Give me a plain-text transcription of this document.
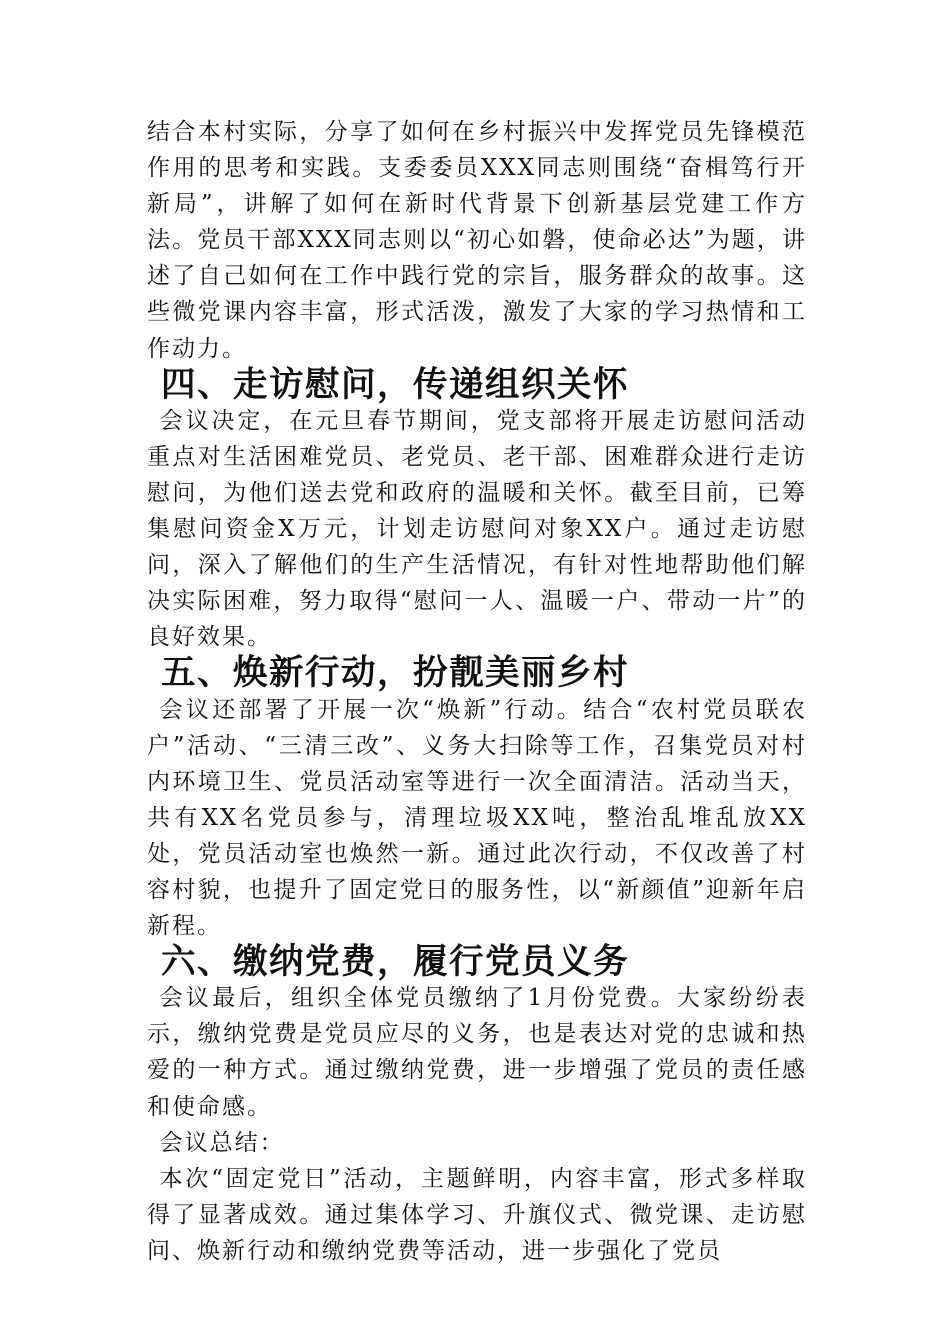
结合本村实际，分享了如何在乡村振兴中发挥党员先锋模范作用的思考和实践。支委委员XXX同志则围绕“奋楫笃行开新局”，讲解了如何在新时代背景下创新基层党建工作方法。党员干部XXX同志则以“初心如磐，使命必达”为题，讲述了自己如何在工作中践行党的宗旨，服务群众的故事。这些微党课内容丰富，形式活泼，激发了大家的学习热情和工作动力。

四、走访慰问，传递组织关怀

会议决定，在元旦春节期间，党支部将开展走访慰问活动重点对生活困难党员、老党员、老干部、困难群众进行走访慰问，为他们送去党和政府的温暖和关怀。截至目前，已筹集慰问资金X万元，计划走访慰问对象XX户。通过走访慰问，深入了解他们的生产生活情况，有针对性地帮助他们解决实际困难，努力取得“慰问一人、温暖一户、带动一片”的良好效果。

五、焕新行动，扮靓美丽乡村

会议还部署了开展一次“焕新”行动。结合“农村党员联农户”活动、“三清三改”、义务大扫除等工作，召集党员对村内环境卫生、党员活动室等进行一次全面清洁。活动当天，共有XX名党员参与，清理垃圾XX吨，整治乱堆乱放XX处，党员活动室也焕然一新。通过此次行动，不仅改善了村容村貌，也提升了固定党日的服务性，以“新颜值”迎新年启新程。

六、缴纳党费，履行党员义务

会议最后，组织全体党员缴纳了1月份党费。大家纷纷表示，缴纳党费是党员应尽的义务，也是表达对党的忠诚和热爱的一种方式。通过缴纳党费，进一步增强了党员的责任感和使命感。

会议总结：

本次“固定党日”活动，主题鲜明，内容丰富，形式多样取得了显著成效。通过集体学习、升旗仪式、微党课、走访慰问、焕新行动和缴纳党费等活动，进一步强化了党员
